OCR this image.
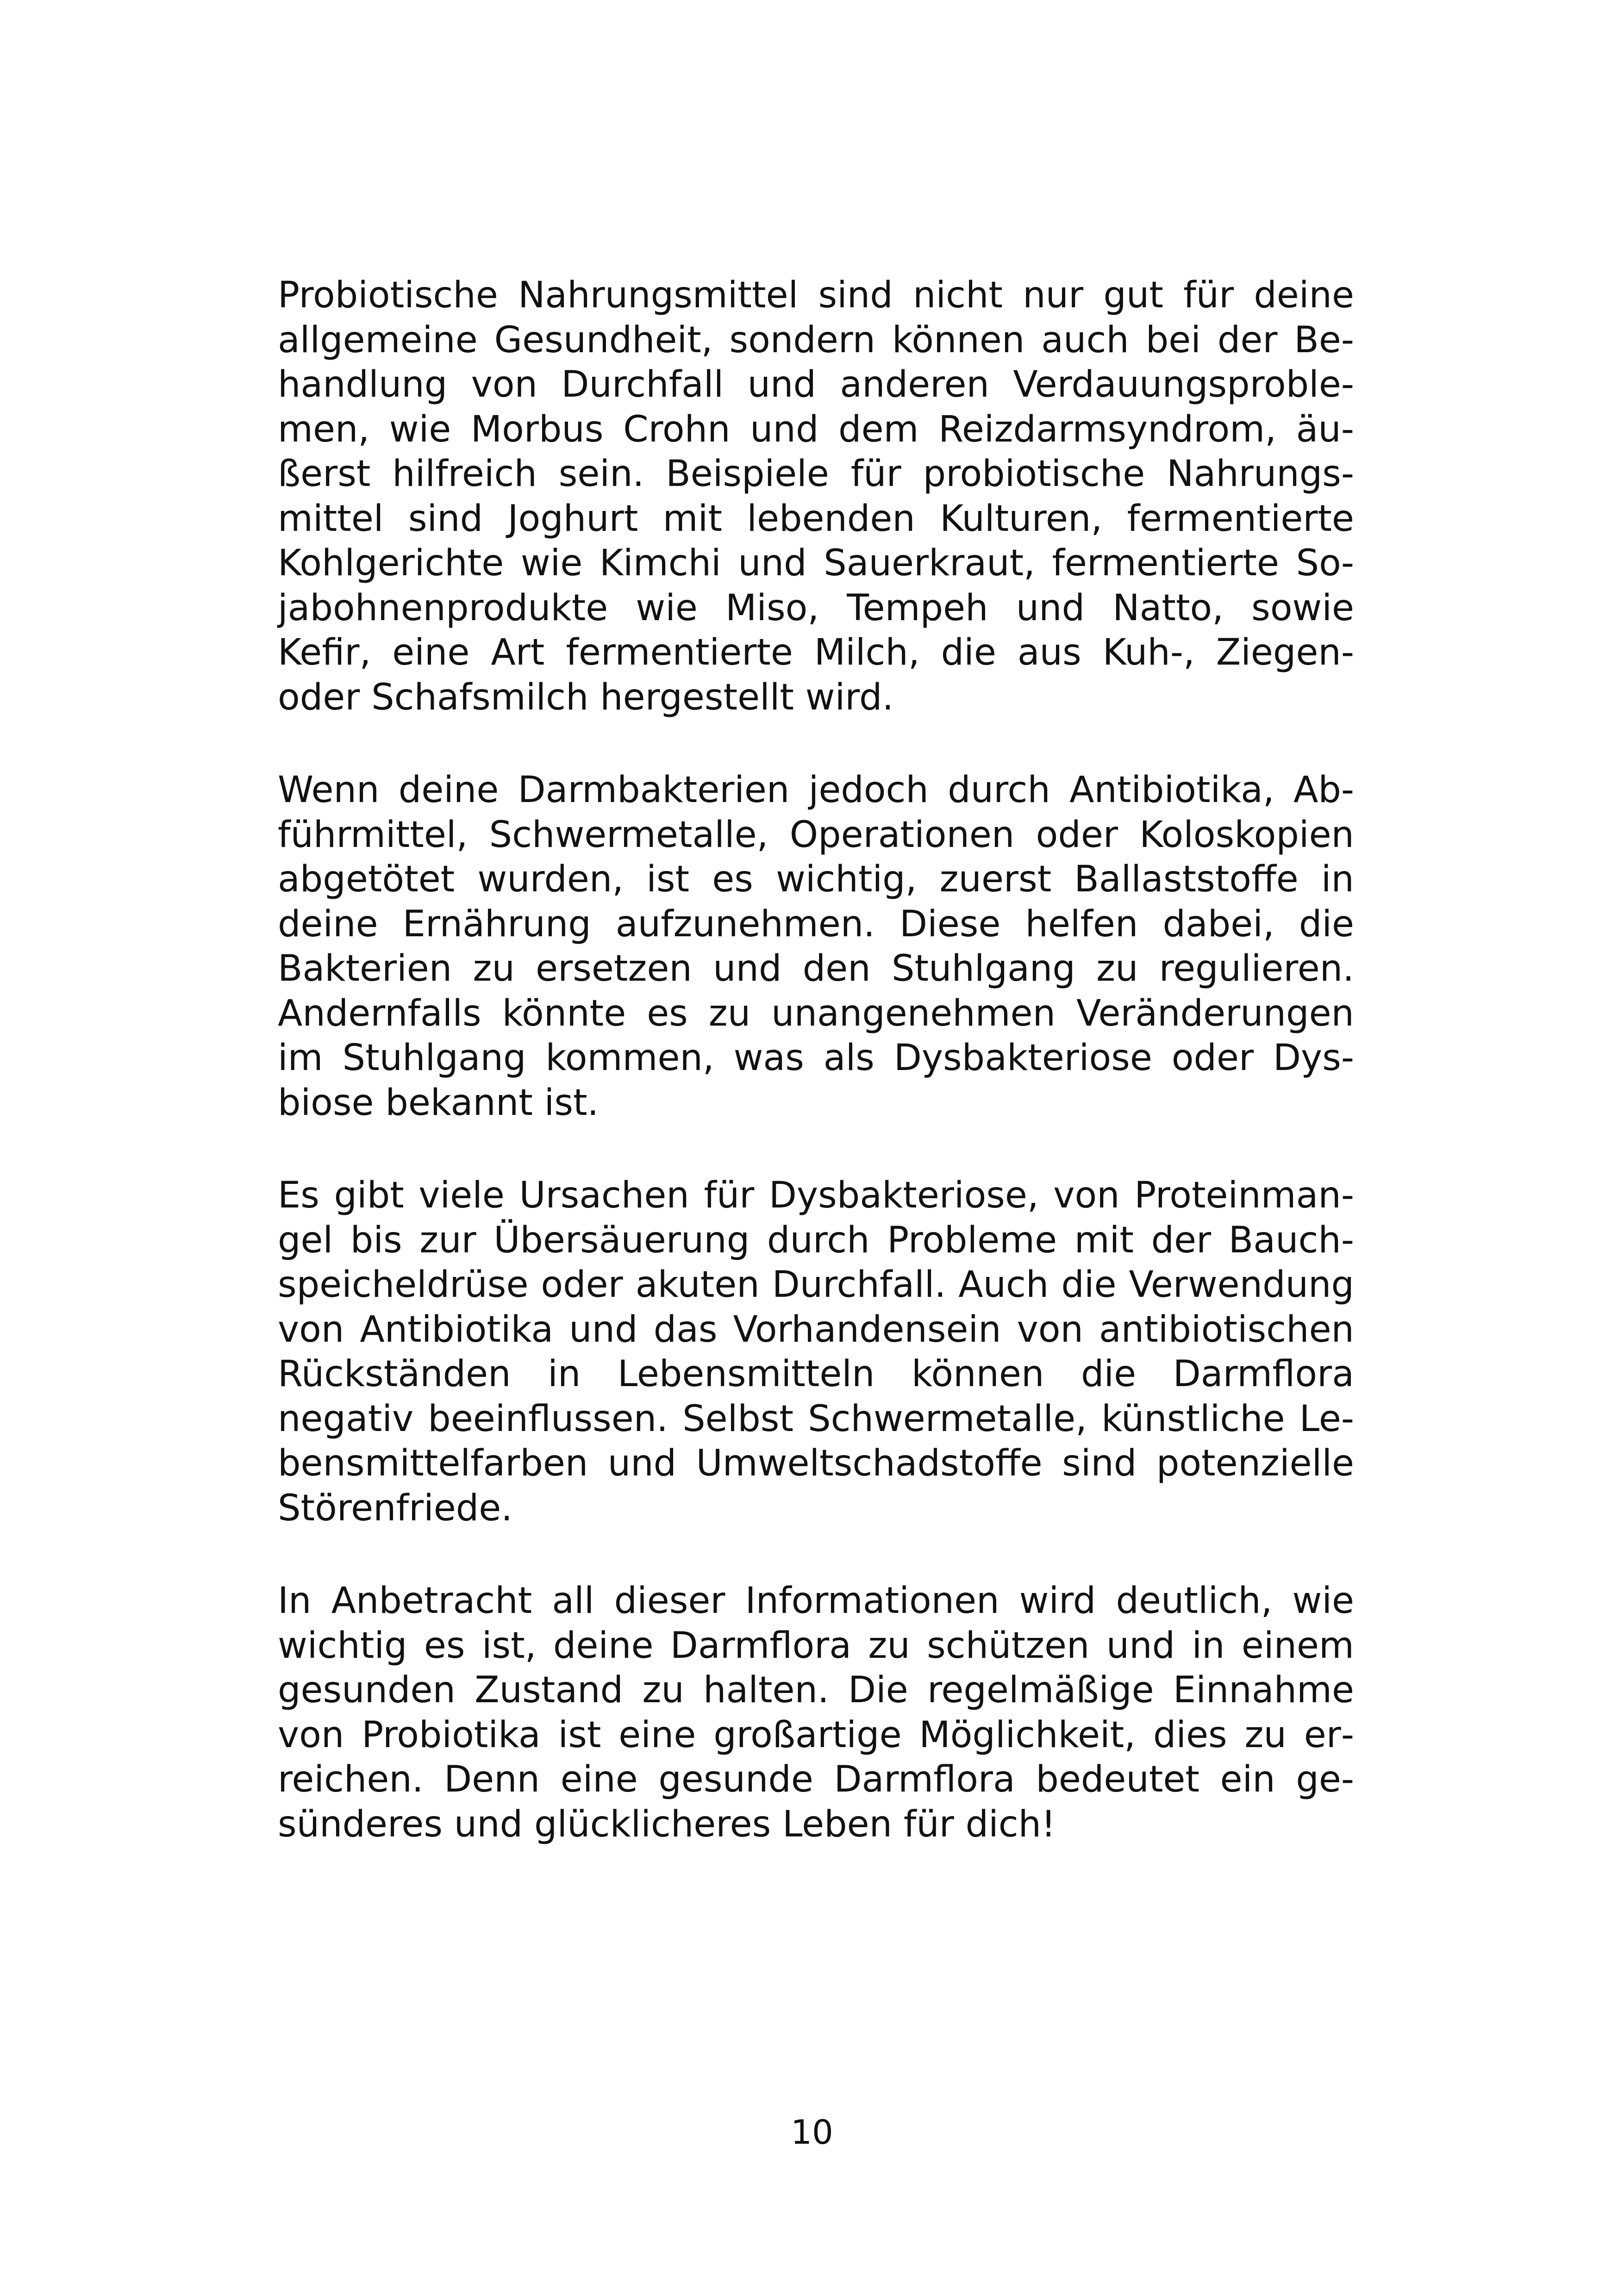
Probiotische Nahrungsmittel sind nicht nur gut für deine allgemeine Gesundheit, sondern können auch bei der Behandlung von Durchfall und anderen Verdauungsproblemen, wie Morbus Crohn und dem Reizdarmsyndrom, äußerst hilfreich sein. Beispiele für probiotische Nahrungsmittel sind Joghurt mit lebenden Kulturen, fermentierte Kohlgerichte wie Kimchi und Sauerkraut, fermentierte Sojabohnenprodukte wie Miso, Tempeh und Natto, sowie Kefir, eine Art fermentierte Milch, die aus Kuh-, Ziegen- oder Schafsmilch hergestellt wird.

Wenn deine Darmbakterien jedoch durch Antibiotika, Abführmittel, Schwermetalle, Operationen oder Koloskopien abgetötet wurden, ist es wichtig, zuerst Ballaststoffe in deine Ernährung aufzunehmen. Diese helfen dabei, die Bakterien zu ersetzen und den Stuhlgang zu regulieren. Andernfalls könnte es zu unangenehmen Veränderungen im Stuhlgang kommen, was als Dysbakteriose oder Dysbiose bekannt ist.

Es gibt viele Ursachen für Dysbakteriose, von Proteinmangel bis zur Übersäuerung durch Probleme mit der Bauchspeicheldrüse oder akuten Durchfall. Auch die Verwendung von Antibiotika und das Vorhandensein von antibiotischen Rückständen in Lebensmitteln können die Darmflora negativ beeinflussen. Selbst Schwermetalle, künstliche Lebensmittelfarben und Umweltschadstoffe sind potenzielle Störenfriede.

In Anbetracht all dieser Informationen wird deutlich, wie wichtig es ist, deine Darmflora zu schützen und in einem gesunden Zustand zu halten. Die regelmäßige Einnahme von Probiotika ist eine großartige Möglichkeit, dies zu erreichen. Denn eine gesunde Darmflora bedeutet ein gesünderes und glücklicheres Leben für dich!

10
